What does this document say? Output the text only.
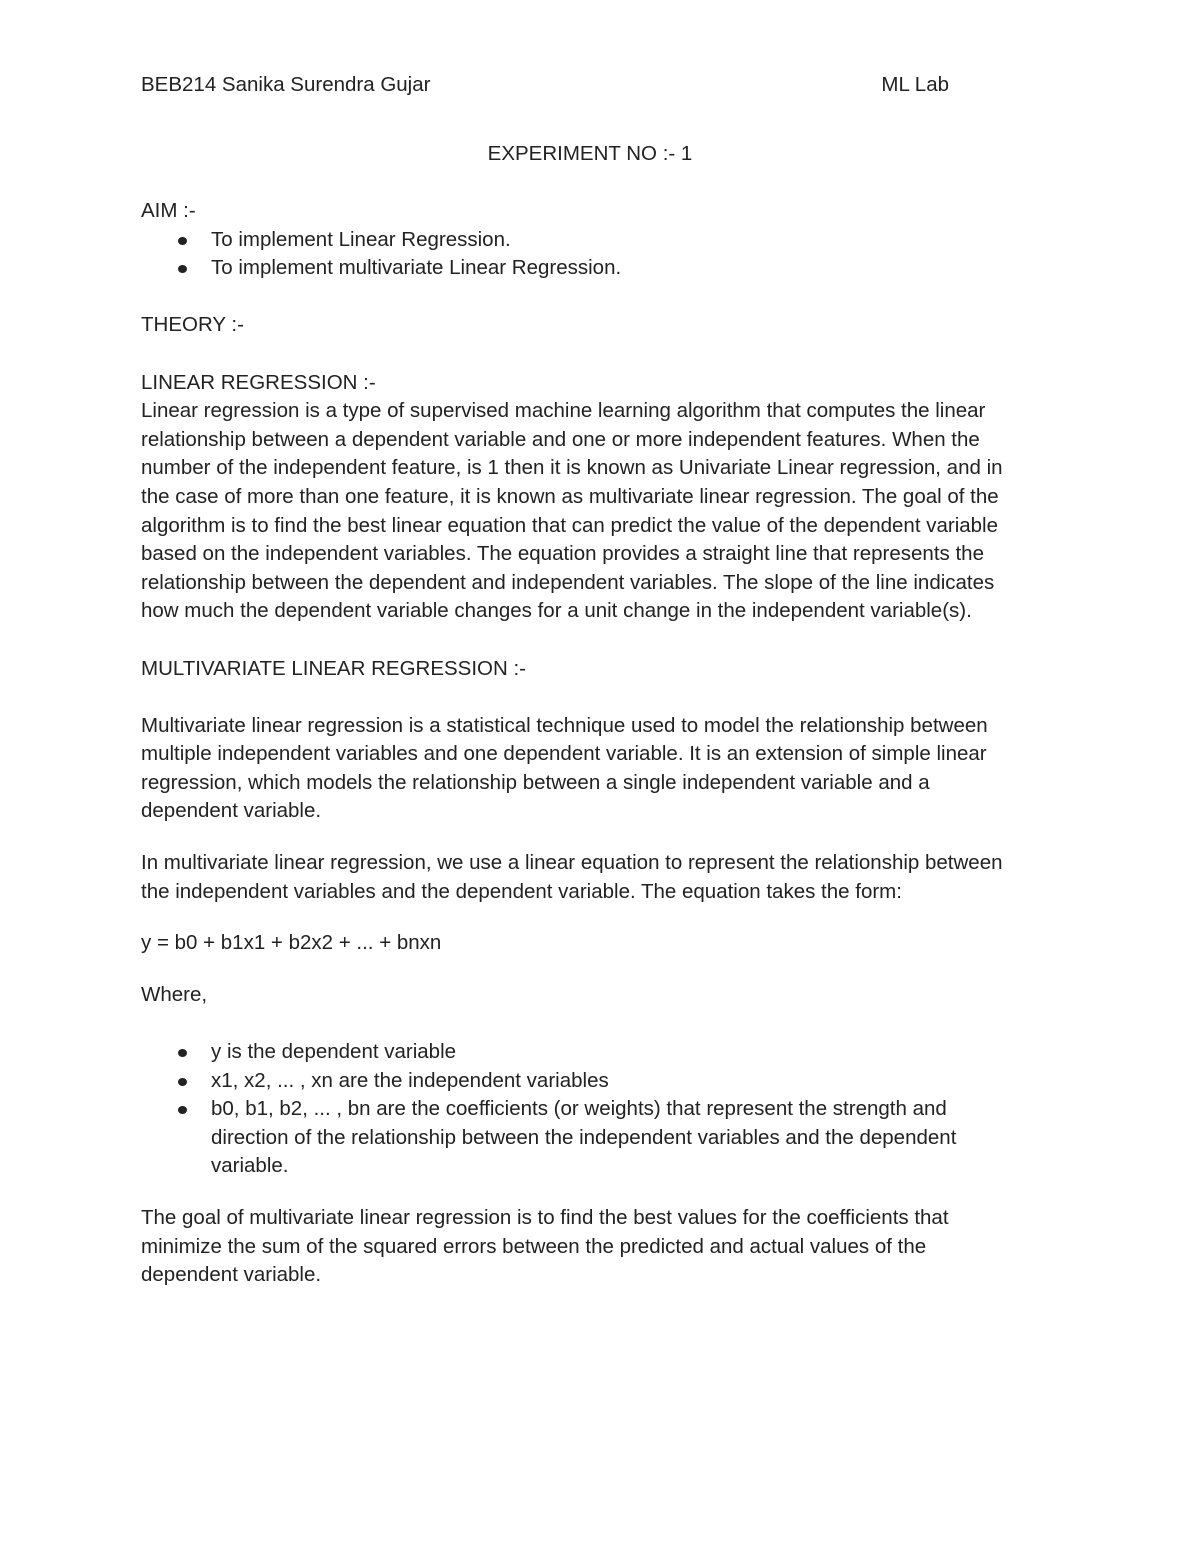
BEB214 Sanika Surendra Gujar	ML Lab
EXPERIMENT NO :- 1

AIM :-

To implement Linear Regression.
To implement multivariate Linear Regression.

THEORY :-

LINEAR REGRESSION :-

Linear regression is a type of supervised machine learning algorithm that computes the linear

relationship between a dependent variable and one or more independent features. When the

number of the independent feature, is 1 then it is known as Univariate Linear regression, and in

the case of more than one feature, it is known as multivariate linear regression. The goal of the

algorithm is to find the best linear equation that can predict the value of the dependent variable

based on the independent variables. The equation provides a straight line that represents the

relationship between the dependent and independent variables. The slope of the line indicates

how much the dependent variable changes for a unit change in the independent variable(s).

MULTIVARIATE LINEAR REGRESSION :-

Multivariate linear regression is a statistical technique used to model the relationship between

multiple independent variables and one dependent variable. It is an extension of simple linear

regression, which models the relationship between a single independent variable and a

dependent variable.

In multivariate linear regression, we use a linear equation to represent the relationship between

the independent variables and the dependent variable. The equation takes the form:

y = b0 + b1x1 + b2x2 + ... + bnxn

Where,

y is the dependent variable
x1, x2, ... , xn are the independent variables

b0, b1, b2, ... , bn are the coefficients (or weights) that represent the strength and

direction of the relationship between the independent variables and the dependent

variable.

The goal of multivariate linear regression is to find the best values for the coefficients that

minimize the sum of the squared errors between the predicted and actual values of the

dependent variable.
